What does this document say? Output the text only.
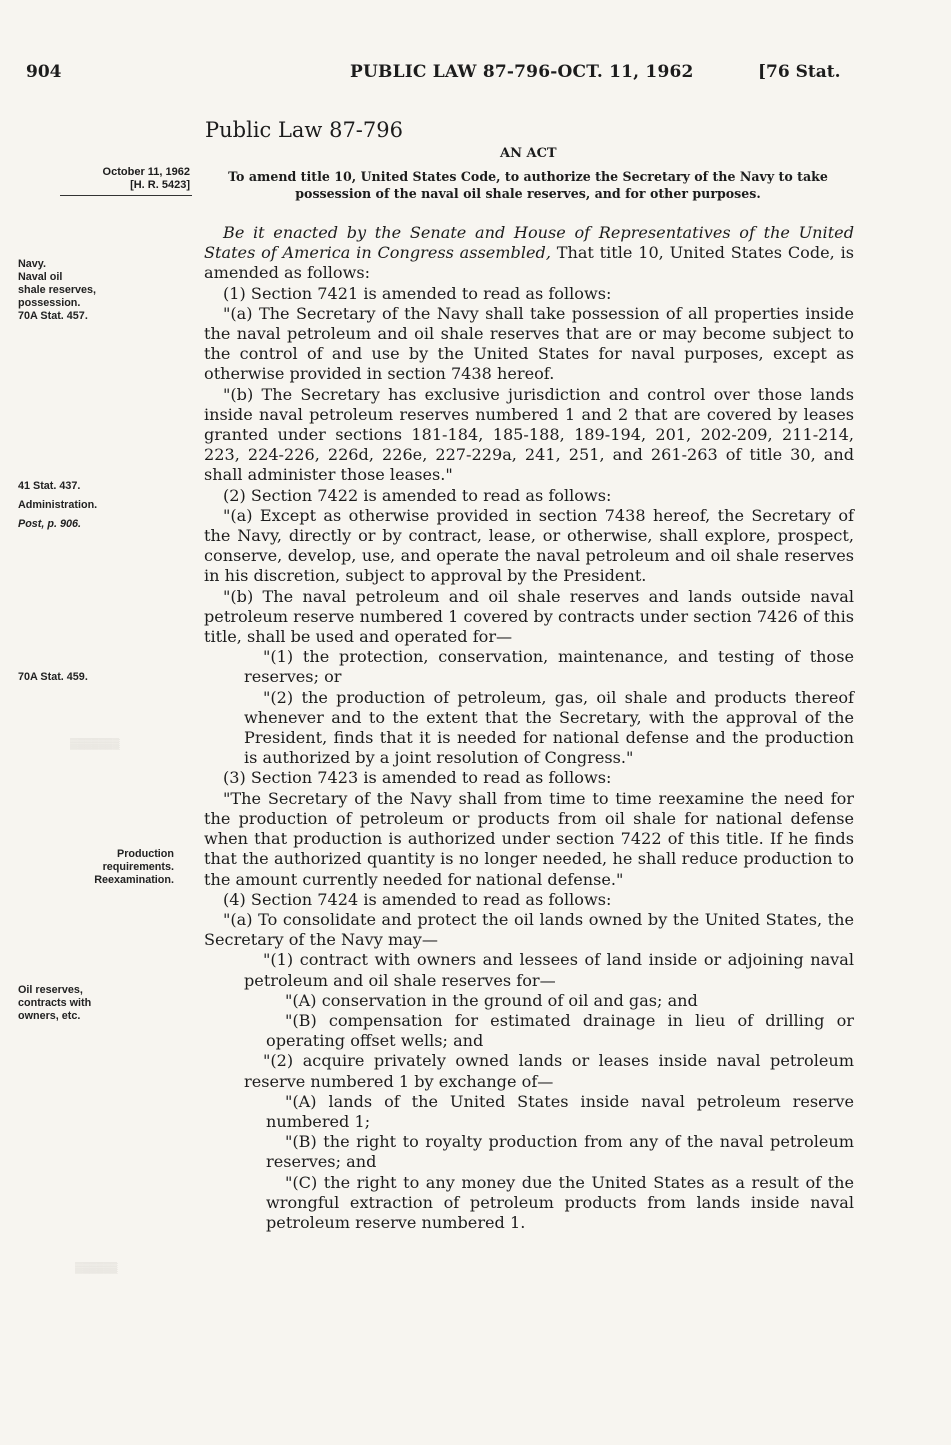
904	PUBLIC LAW 87-796-OCT. 11, 1962	[76 Stat.
Public Law 87-796
AN ACT
October 11, 1962
[H. R. 5423]
To amend title 10, United States Code, to authorize the Secretary of the Navy to take possession of the naval oil shale reserves, and for other purposes.
▒▒▒▒▒▒▒
▒▒▒▒▒▒
Navy.
Naval oil
shale reserves,
possession.
70A Stat. 457.
41 Stat. 437.
Administration.
Post, p. 906.
70A Stat. 459.
Production
requirements.
Reexamination.
Oil reserves,
contracts with
owners, etc.

Be it enacted by the Senate and House of Representatives of the United States of America in Congress assembled, That title 10, United States Code, is amended as follows:

(1) Section 7421 is amended to read as follows:

"(a) The Secretary of the Navy shall take possession of all properties inside the naval petroleum and oil shale reserves that are or may become subject to the control of and use by the United States for naval purposes, except as otherwise provided in section 7438 hereof.

"(b) The Secretary has exclusive jurisdiction and control over those lands inside naval petroleum reserves numbered 1 and 2 that are covered by leases granted under sections 181-184, 185-188, 189-194, 201, 202-209, 211-214, 223, 224-226, 226d, 226e, 227-229a, 241, 251, and 261-263 of title 30, and shall administer those leases."

(2) Section 7422 is amended to read as follows:

"(a) Except as otherwise provided in section 7438 hereof, the Secretary of the Navy, directly or by contract, lease, or otherwise, shall explore, prospect, conserve, develop, use, and operate the naval petroleum and oil shale reserves in his discretion, subject to approval by the President.

"(b) The naval petroleum and oil shale reserves and lands outside naval petroleum reserve numbered 1 covered by contracts under section 7426 of this title, shall be used and operated for—

"(1) the protection, conservation, maintenance, and testing of those reserves; or

"(2) the production of petroleum, gas, oil shale and products thereof whenever and to the extent that the Secretary, with the approval of the President, finds that it is needed for national defense and the production is authorized by a joint resolution of Congress."

(3) Section 7423 is amended to read as follows:

"The Secretary of the Navy shall from time to time reexamine the need for the production of petroleum or products from oil shale for national defense when that production is authorized under section 7422 of this title. If he finds that the authorized quantity is no longer needed, he shall reduce production to the amount currently needed for national defense."

(4) Section 7424 is amended to read as follows:

"(a) To consolidate and protect the oil lands owned by the United States, the Secretary of the Navy may—

"(1) contract with owners and lessees of land inside or adjoining naval petroleum and oil shale reserves for—

"(A) conservation in the ground of oil and gas; and

"(B) compensation for estimated drainage in lieu of drilling or operating offset wells; and

"(2) acquire privately owned lands or leases inside naval petroleum reserve numbered 1 by exchange of—

"(A) lands of the United States inside naval petroleum reserve numbered 1;

"(B) the right to royalty production from any of the naval petroleum reserves; and

"(C) the right to any money due the United States as a result of the wrongful extraction of petroleum products from lands inside naval petroleum reserve numbered 1.
